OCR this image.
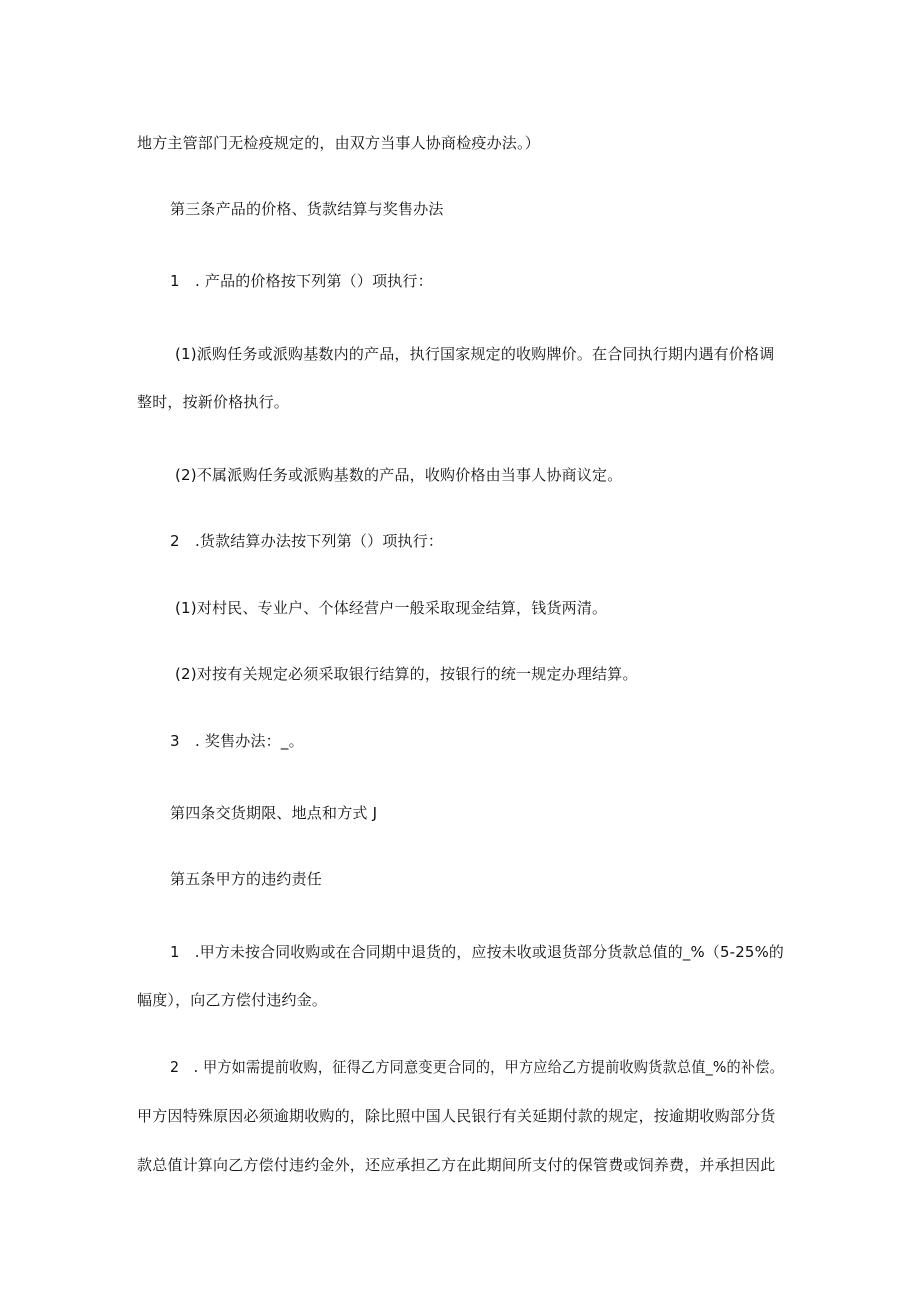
地方主管部门无检疫规定的，由双方当事人协商检疫办法。）
第三条产品的价格、货款结算与奖售办法
1　. 产品的价格按下列第（）项执行：
(1)派购任务或派购基数内的产品，执行国家规定的收购牌价。在合同执行期内遇有价格调
整时，按新价格执行。
(2)不属派购任务或派购基数的产品，收购价格由当事人协商议定。
2　.货款结算办法按下列第（）项执行：
(1)对村民、专业户、个体经营户一般采取现金结算，钱货两清。
(2)对按有关规定必须采取银行结算的，按银行的统一规定办理结算。
3　. 奖售办法：_。
第四条交货期限、地点和方式 J
第五条甲方的违约责任
1　.甲方未按合同收购或在合同期中退货的，应按未收或退货部分货款总值的_%（5-25%的
幅度），向乙方偿付违约金。
2　. 甲方如需提前收购，征得乙方同意变更合同的，甲方应给乙方提前收购货款总值_%的补偿。
甲方因特殊原因必须逾期收购的，除比照中国人民银行有关延期付款的规定，按逾期收购部分货
款总值计算向乙方偿付违约金外，还应承担乙方在此期间所支付的保管费或饲养费，并承担因此
